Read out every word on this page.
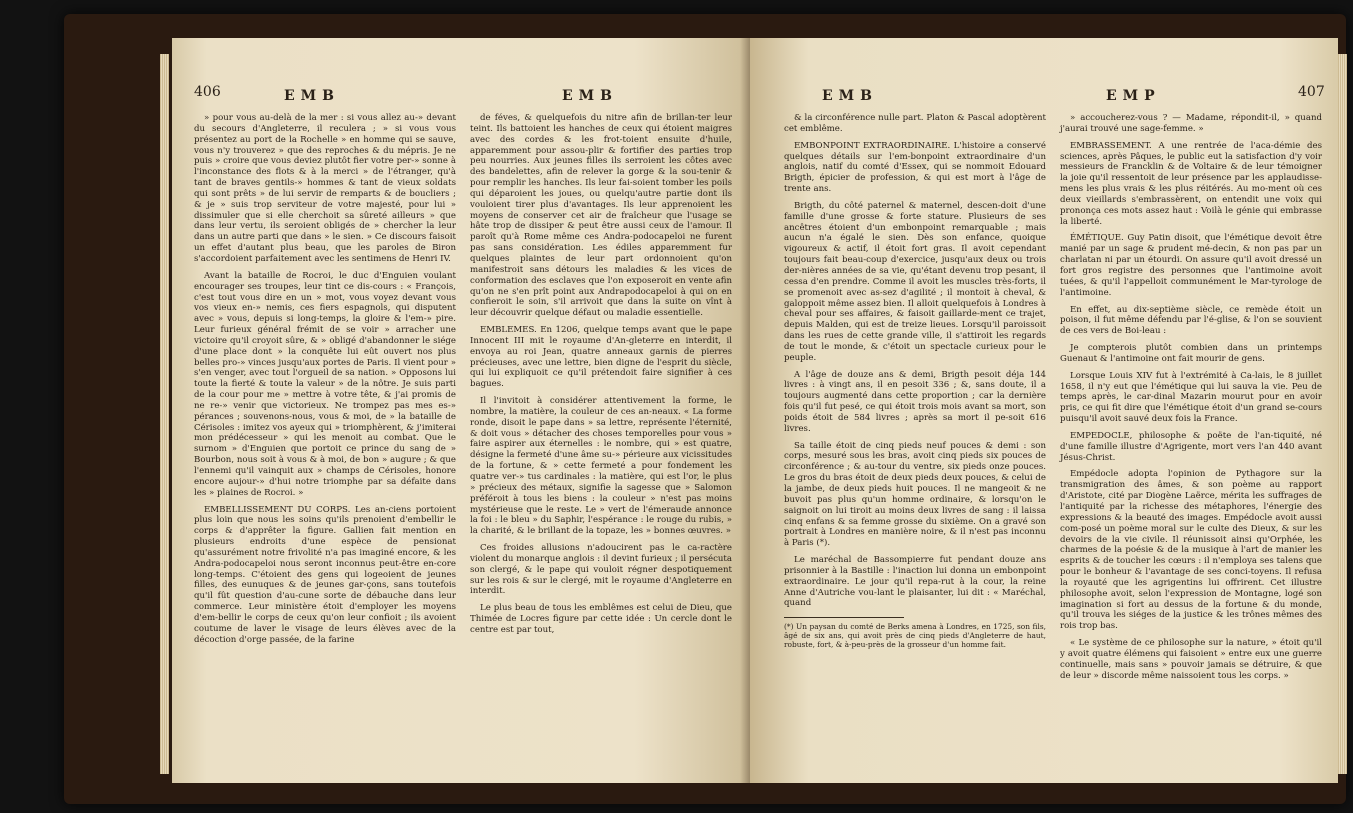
406	EMB	EMB

» pour vous au-delà de la mer : si vous allez au-» devant du secours d'Angleterre, il reculera ; » si vous vous présentez au port de la Rochelle » en homme qui se sauve, vous n'y trouverez » que des reproches & du mépris. Je ne puis » croire que vous deviez plutôt fier votre per-» sonne à l'inconstance des flots & à la merci » de l'étranger, qu'à tant de braves gentils-» hommes & tant de vieux soldats qui sont prêts » de lui servir de remparts & de boucliers ; & je » suis trop serviteur de votre majesté, pour lui » dissimuler que si elle cherchoit sa sûreté ailleurs » que dans leur vertu, ils seroient obligés de » chercher la leur dans un autre parti que dans » le sien. » Ce discours faisoit un effet d'autant plus beau, que les paroles de Biron s'accordoient parfaitement avec les sentimens de Henri IV.

Avant la bataille de Rocroi, le duc d'Enguien voulant encourager ses troupes, leur tint ce dis-cours : « François, c'est tout vous dire en un » mot, vous voyez devant vous vos vieux en-» nemis, ces fiers espagnols, qui disputent avec » vous, depuis si long-temps, la gloire & l'em-» pire. Leur furieux général frémit de se voir » arracher une victoire qu'il croyoit sûre, & » obligé d'abandonner le siége d'une place dont » la conquête lui eût ouvert nos plus belles pro-» vinces jusqu'aux portes de Paris. Il vient pour » s'en venger, avec tout l'orgueil de sa nation. » Opposons lui toute la fierté & toute la valeur » de la nôtre. Je suis parti de la cour pour me » mettre à votre tête, & j'ai promis de ne re-» venir que victorieux. Ne trompez pas mes es-» pérances ; souvenons-nous, vous & moi, de » la bataille de Cérisoles : imitez vos ayeux qui » triomphèrent, & j'imiterai mon prédécesseur » qui les menoit au combat. Que le surnom » d'Enguien que portoit ce prince du sang de » Bourbon, nous soit à vous & à moi, de bon » augure ; & que l'ennemi qu'il vainquit aux » champs de Cérisoles, honore encore aujour-» d'hui notre triomphe par sa défaite dans les » plaines de Rocroi. »

EMBELLISSEMENT DU CORPS. Les an-ciens portoient plus loin que nous les soins qu'ils prenoient d'embellir le corps & d'apprêter la figure. Gallien fait mention en plusieurs endroits d'une espèce de pensionat qu'assurément notre frivolité n'a pas imaginé encore, & les Andra-podocapeloi nous seront inconnus peut-être en-core long-temps. C'étoient des gens qui logeoient de jeunes filles, des eunuques & de jeunes gar-çons, sans toutefois qu'il fût question d'au-cune sorte de débauche dans leur commerce. Leur ministère étoit d'employer les moyens d'em-bellir le corps de ceux qu'on leur confioit ; ils avoient coutume de laver le visage de leurs élèves avec de la décoction d'orge passée, de la farine

de féves, & quelquefois du nitre afin de brillan-ter leur teint. Ils battoient les hanches de ceux qui étoient maigres avec des cordes & les frot-toient ensuite d'huile, apparemment pour assou-plir & fortifier des parties trop peu nourries. Aux jeunes filles ils serroient les côtes avec des bandelettes, afin de relever la gorge & la sou-tenir & pour remplir les hanches. Ils leur fai-soient tomber les poils qui déparoient les joues, ou quelqu'autre partie dont ils vouloient tirer plus d'avantages. Ils leur apprenoient les moyens de conserver cet air de fraîcheur que l'usage se hâte trop de dissiper & peut être aussi ceux de l'amour. Il paroît qu'à Rome même ces Andra-podocapeloi ne furent pas sans considération. Les édiles apparemment fur quelques plaintes de leur part ordonnoient qu'on manifestroit sans détours les maladies & les vices de conformation des esclaves que l'on exposeroit en vente afin qu'on ne s'en prît point aux Andrapodocapeloi à qui on en confieroit le soin, s'il arrivoit que dans la suite on vînt à leur découvrir quelque défaut ou maladie essentielle.

EMBLEMES. En 1206, quelque temps avant que le pape Innocent III mit le royaume d'An-gleterre en interdit, il envoya au roi Jean, quatre anneaux garnis de pierres précieuses, avec une lettre, bien digne de l'esprit du siècle, qui lui expliquoit ce qu'il prétendoit faire signifier à ces bagues.

Il l'invitoit à considérer attentivement la forme, le nombre, la matière, la couleur de ces an-neaux. « La forme ronde, disoit le pape dans » sa lettre, représente l'éternité, & doit vous » détacher des choses temporelles pour vous » faire aspirer aux éternelles : le nombre, qui » est quatre, désigne la fermeté d'une âme su-» périeure aux vicissitudes de la fortune, & » cette fermeté a pour fondement les quatre ver-» tus cardinales : la matière, qui est l'or, le plus » précieux des métaux, signifie la sagesse que » Salomon préféroit à tous les biens : la couleur » n'est pas moins mystérieuse que le reste. Le » vert de l'émeraude annonce la foi : le bleu » du Saphir, l'espérance : le rouge du rubis, » la charité, & le brillant de la topaze, les » bonnes œuvres. »

Ces froides allusions n'adoucirent pas le ca-ractère violent du monarque anglois : il devint furieux ; il persécuta son clergé, & le pape qui vouloit régner despotiquement sur les rois & sur le clergé, mit le royaume d'Angleterre en interdit.

Le plus beau de tous les emblêmes est celui de Dieu, que Thimée de Locres figure par cette idée : Un cercle dont le centre est par tout,

EMB	EMP	407

& la circonférence nulle part. Platon & Pascal adoptèrent cet emblême.

EMBONPOINT EXTRAORDINAIRE. L'histoire a conservé quelques détails sur l'em-bonpoint extraordinaire d'un anglois, natif du comté d'Essex, qui se nommoit Edouard Brigth, épicier de profession, & qui est mort à l'âge de trente ans.

Brigth, du côté paternel & maternel, descen-doit d'une famille d'une grosse & forte stature. Plusieurs de ses ancêtres étoient d'un embonpoint remarquable ; mais aucun n'a égalé le sien. Dès son enfance, quoique vigoureux & actif, il étoit fort gras. Il avoit cependant toujours fait beau-coup d'exercice, jusqu'aux deux ou trois der-nières années de sa vie, qu'étant devenu trop pesant, il cessa d'en prendre. Comme il avoit les muscles très-forts, il se promenoit avec as-sez d'agilité ; il montoit à cheval, & galoppoit même assez bien. Il alloit quelquefois à Londres à cheval pour ses affaires, & faisoit gaillarde-ment ce trajet, depuis Malden, qui est de treize lieues. Lorsqu'il paroissoit dans les rues de cette grande ville, il s'attiroit les regards de tout le monde, & c'étoit un spectacle curieux pour le peuple.

A l'âge de douze ans & demi, Brigth pesoit déja 144 livres : à vingt ans, il en pesoit 336 ; &, sans doute, il a toujours augmenté dans cette proportion ; car la dernière fois qu'il fut pesé, ce qui étoit trois mois avant sa mort, son poids étoit de 584 livres ; après sa mort il pe-soit 616 livres.

Sa taille étoit de cinq pieds neuf pouces & demi : son corps, mesuré sous les bras, avoit cinq pieds six pouces de circonférence ; & au-tour du ventre, six pieds onze pouces. Le gros du bras étoit de deux pieds deux pouces, & celui de la jambe, de deux pieds huit pouces. Il ne mangeoit & ne buvoit pas plus qu'un homme ordinaire, & lorsqu'on le saignoit on lui tiroit au moins deux livres de sang : il laissa cinq enfans & sa femme grosse du sixième. On a gravé son portrait à Londres en manière noire, & il n'est pas inconnu à Paris (*).

Le maréchal de Bassompierre fut pendant douze ans prisonnier à la Bastille : l'inaction lui donna un embonpoint extraordinaire. Le jour qu'il repa-rut à la cour, la reine Anne d'Autriche vou-lant le plaisanter, lui dit : « Maréchal, quand

(*) Un paysan du comté de Berks amena à Londres, en 1725, son fils, âgé de six ans, qui avoit près de cinq pieds d'Angleterre de haut, robuste, fort, & à-peu-près de la grosseur d'un homme fait.

» accoucherez-vous ? — Madame, répondit-il, » quand j'aurai trouvé une sage-femme. »

EMBRASSEMENT. A une rentrée de l'aca-démie des sciences, après Pâques, le public eut la satisfaction d'y voir messieurs de Francklin & de Voltaire & de leur témoigner la joie qu'il ressentoit de leur présence par les applaudisse-mens les plus vrais & les plus réitérés. Au mo-ment où ces deux vieillards s'embrassèrent, on entendit une voix qui prononça ces mots assez haut : Voilà le génie qui embrasse la liberté.

ÉMÉTIQUE. Guy Patin disoit, que l'émétique devoit être manié par un sage & prudent mé-decin, & non pas par un charlatan ni par un étourdi. On assure qu'il avoit dressé un fort gros registre des personnes que l'antimoine avoit tuées, & qu'il l'appelloit communément le Mar-tyrologe de l'antimoine.

En effet, au dix-septième siècle, ce remède étoit un poison, il fut même défendu par l'é-glise, & l'on se souvient de ces vers de Boi-leau :

Je compterois plutôt combien dans un printemps Guenaut & l'antimoine ont fait mourir de gens.

Lorsque Louis XIV fut à l'extrémité à Ca-lais, le 8 juillet 1658, il n'y eut que l'émétique qui lui sauva la vie. Peu de temps après, le car-dinal Mazarin mourut pour en avoir pris, ce qui fit dire que l'émétique étoit d'un grand se-cours puisqu'il avoit sauvé deux fois la France.

EMPEDOCLE, philosophe & poëte de l'an-tiquité, né d'une famille illustre d'Agrigente, mort vers l'an 440 avant Jésus-Christ.

Empédocle adopta l'opinion de Pythagore sur la transmigration des âmes, & son poème au rapport d'Aristote, cité par Diogène Laërce, mérita les suffrages de l'antiquité par la richesse des métaphores, l'énergie des expressions & la beauté des images. Empédocle avoit aussi com-posé un poème moral sur le culte des Dieux, & sur les devoirs de la vie civile. Il réunissoit ainsi qu'Orphée, les charmes de la poésie & de la musique à l'art de manier les esprits & de toucher les cœurs : il n'employa ses talens que pour le bonheur & l'avantage de ses conci-toyens. Il refusa la royauté que les agrigentins lui offrirent. Cet illustre philosophe avoit, selon l'expression de Montagne, logé son imagination si fort au dessus de la fortune & du monde, qu'il trouva les siéges de la justice & les trônes mêmes des rois trop bas.

« Le système de ce philosophe sur la nature, » étoit qu'il y avoit quatre élémens qui faisoient » entre eux une guerre continuelle, mais sans » pouvoir jamais se détruire, & que de leur » discorde même naissoient tous les corps. »
